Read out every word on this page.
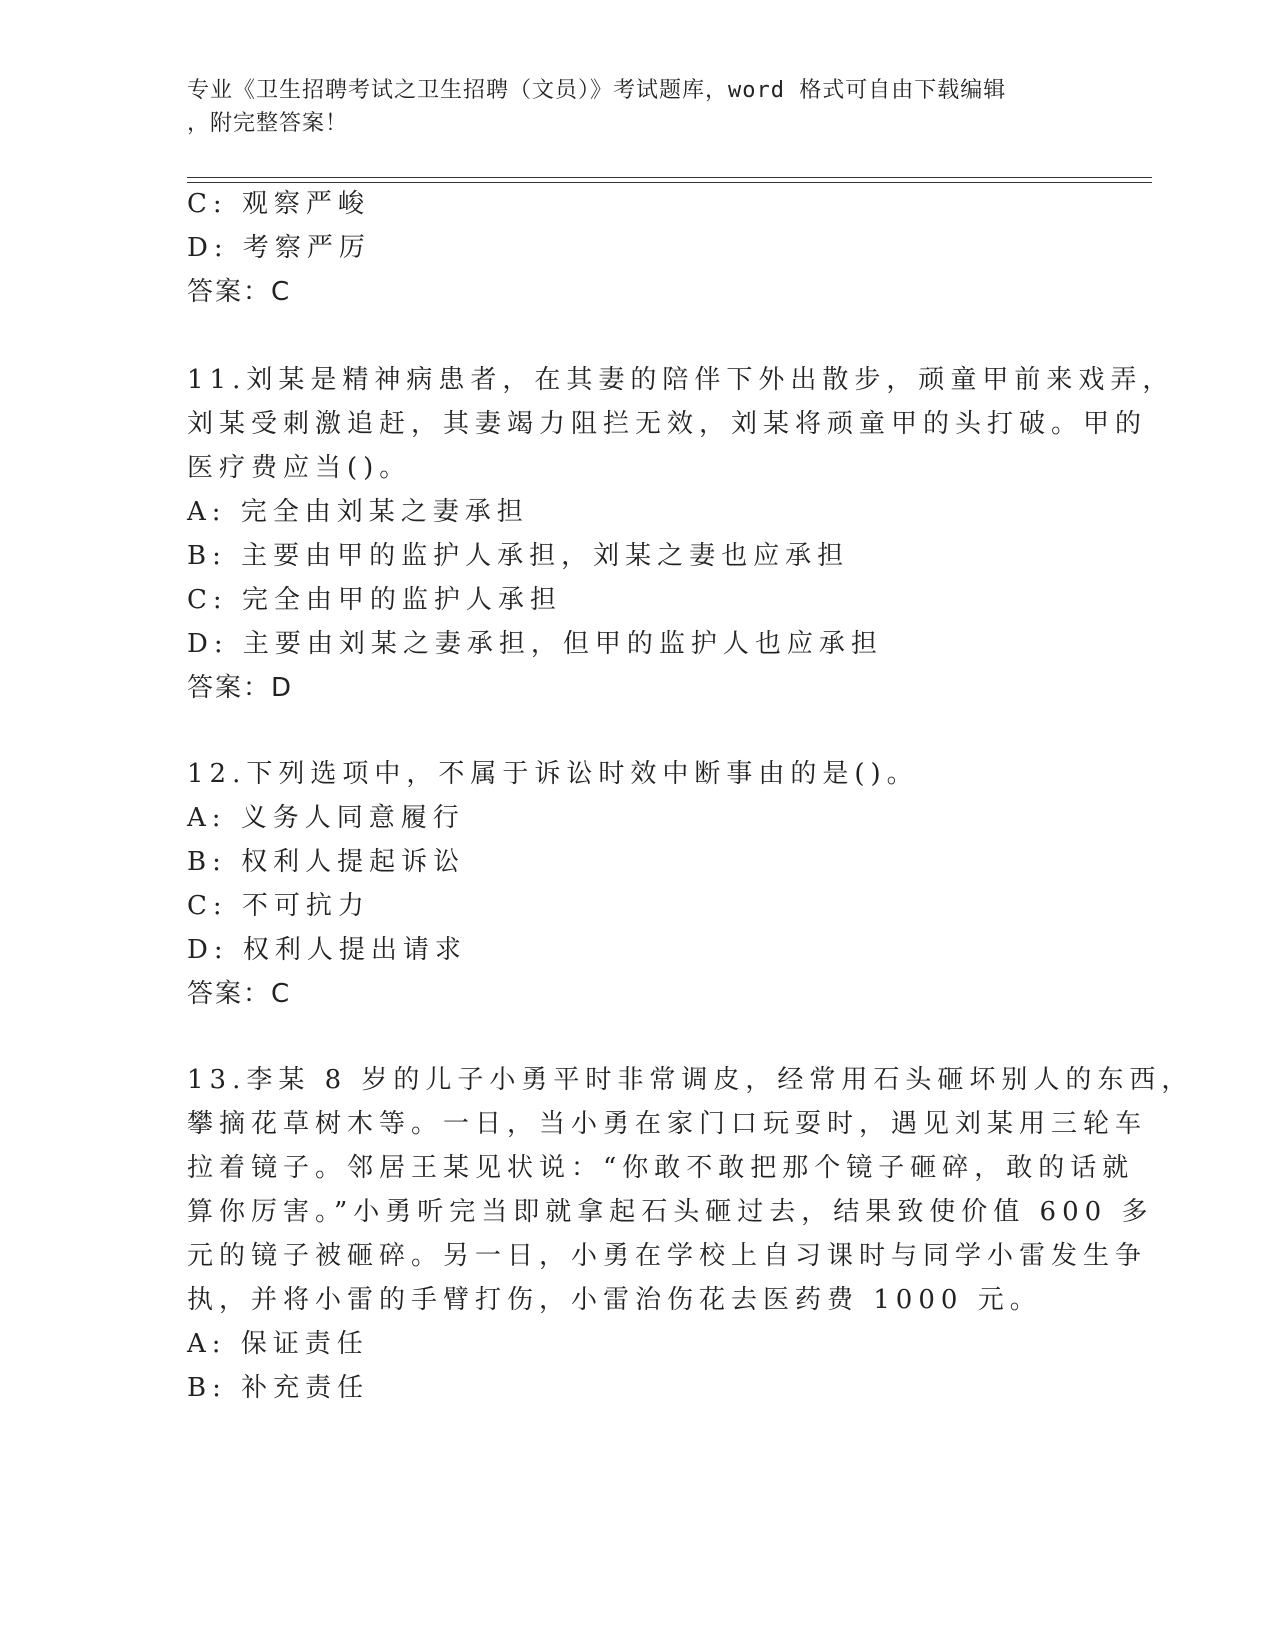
专业《卫生招聘考试之卫生招聘（文员）》考试题库，word 格式可自由下载编辑
，附完整答案！
C: 观察严峻
D: 考察严厉
答案：C
11.刘某是精神病患者，在其妻的陪伴下外出散步，顽童甲前来戏弄，
刘某受刺激追赶，其妻竭力阻拦无效，刘某将顽童甲的头打破。甲的
医疗费应当()。
A: 完全由刘某之妻承担
B: 主要由甲的监护人承担，刘某之妻也应承担
C: 完全由甲的监护人承担
D: 主要由刘某之妻承担，但甲的监护人也应承担
答案：D
12.下列选项中，不属于诉讼时效中断事由的是()。
A: 义务人同意履行
B: 权利人提起诉讼
C: 不可抗力
D: 权利人提出请求
答案：C
13.李某 8 岁的儿子小勇平时非常调皮，经常用石头砸坏别人的东西，
攀摘花草树木等。一日，当小勇在家门口玩耍时，遇见刘某用三轮车
拉着镜子。邻居王某见状说：“你敢不敢把那个镜子砸碎，敢的话就
算你厉害。”小勇听完当即就拿起石头砸过去，结果致使价值 600 多
元的镜子被砸碎。另一日，小勇在学校上自习课时与同学小雷发生争
执，并将小雷的手臂打伤，小雷治伤花去医药费 1000 元。
A: 保证责任
B: 补充责任
